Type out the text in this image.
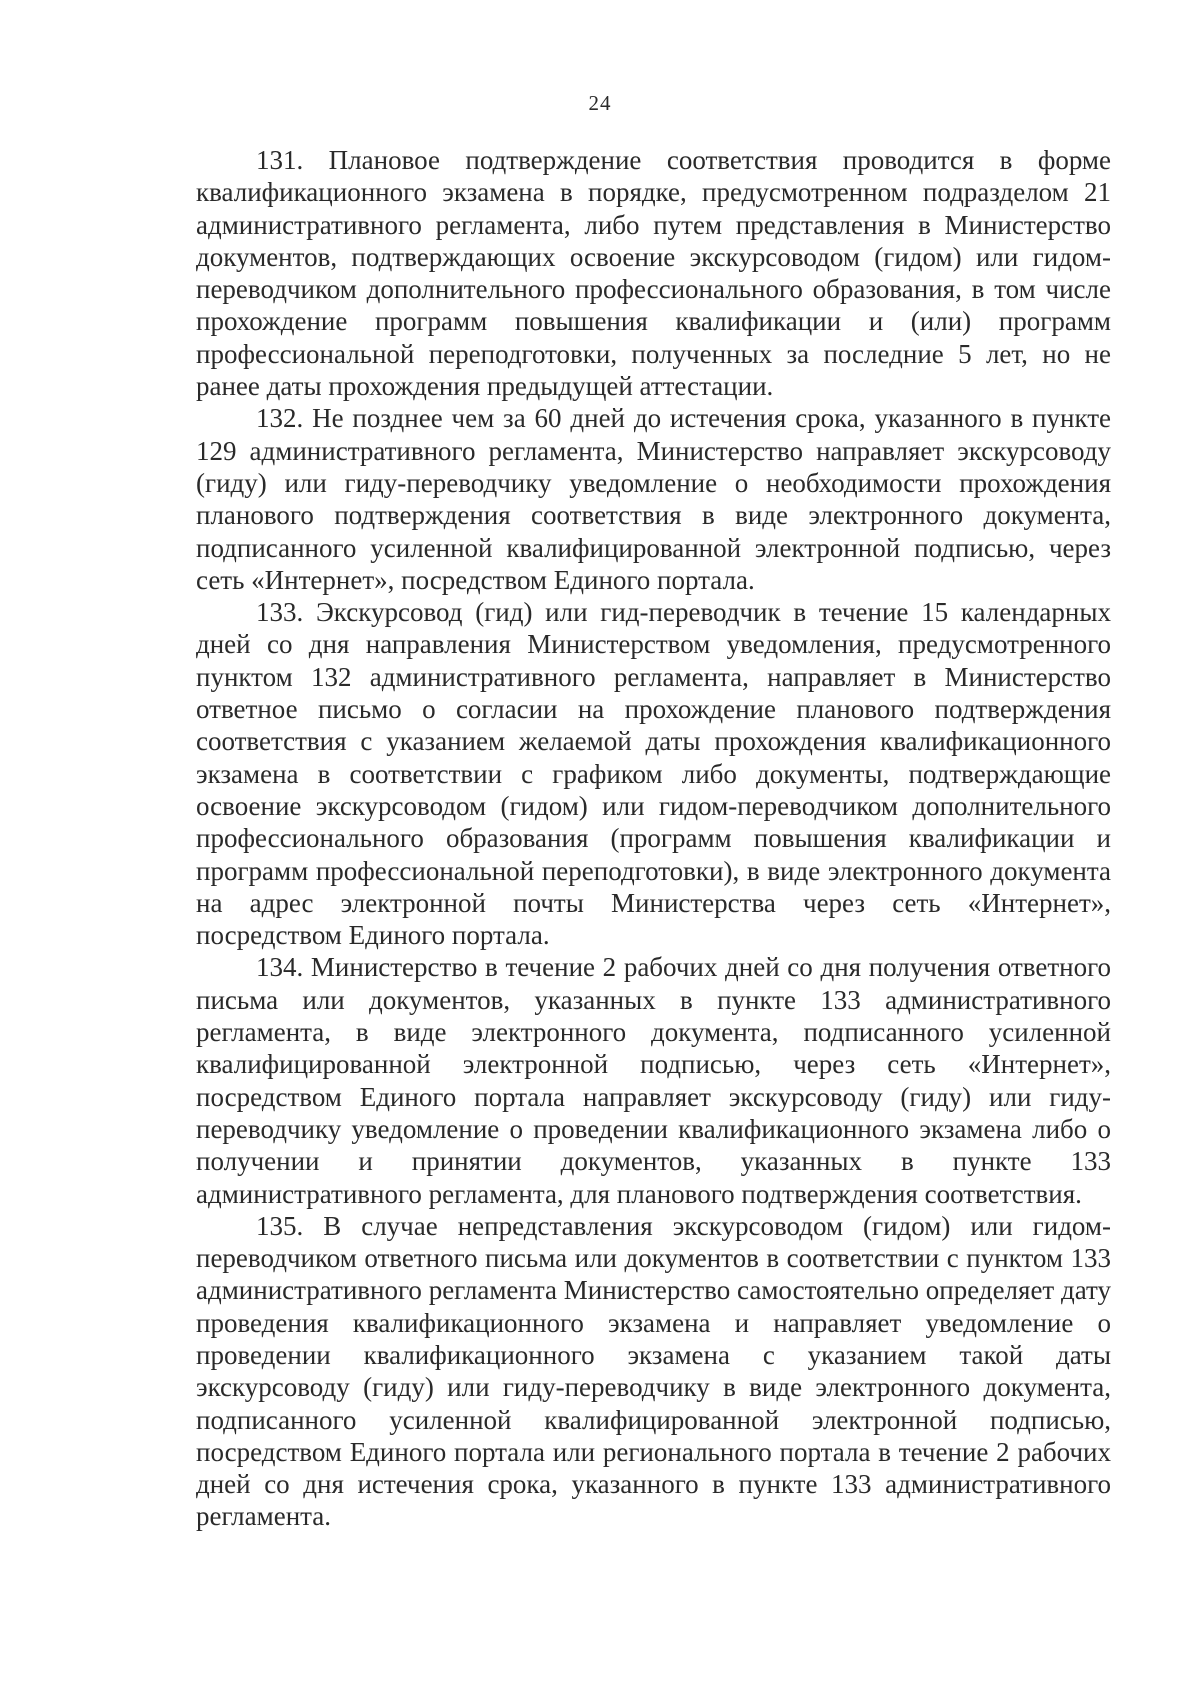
24

131. Плановое подтверждение соответствия проводится в форме квалификационного экзамена в порядке, предусмотренном подразделом 21 административного регламента, либо путем представления в Министерство документов, подтверждающих освоение экскурсоводом (гидом) или гидом-переводчиком дополнительного профессионального образования, в том числе прохождение программ повышения квалификации и (или) программ профессиональной переподготовки, полученных за последние 5 лет, но не ранее даты прохождения предыдущей аттестации.

132. Не позднее чем за 60 дней до истечения срока, указанного в пункте 129 административного регламента, Министерство направляет экскурсоводу (гиду) или гиду-переводчику уведомление о необходимости прохождения планового подтверждения соответствия в виде электронного документа, подписанного усиленной квалифицированной электронной подписью, через сеть «Интернет», посредством Единого портала.

133. Экскурсовод (гид) или гид-переводчик в течение 15 календарных дней со дня направления Министерством уведомления, предусмотренного пунктом 132 административного регламента, направляет в Министерство ответное письмо о согласии на прохождение планового подтверждения соответствия с указанием желаемой даты прохождения квалификационного экзамена в соответствии с графиком либо документы, подтверждающие освоение экскурсоводом (гидом) или гидом-переводчиком дополнительного профессионального образования (программ повышения квалификации и программ профессиональной переподготовки), в виде электронного документа на адрес электронной почты Министерства через сеть «Интернет», посредством Единого портала.

134. Министерство в течение 2 рабочих дней со дня получения ответного письма или документов, указанных в пункте 133 административного регламента, в виде электронного документа, подписанного усиленной квалифицированной электронной подписью, через сеть «Интернет», посредством Единого портала направляет экскурсоводу (гиду) или гиду-переводчику уведомление о проведении квалификационного экзамена либо о получении и принятии документов, указанных в пункте 133 административного регламента, для планового подтверждения соответствия.

135. В случае непредставления экскурсоводом (гидом) или гидом-переводчиком ответного письма или документов в соответствии с пунктом 133 административного регламента Министерство самостоятельно определяет дату проведения квалификационного экзамена и направляет уведомление о проведении квалификационного экзамена с указанием такой даты экскурсоводу (гиду) или гиду-переводчику в виде электронного документа, подписанного усиленной квалифицированной электронной подписью, посредством Единого портала или регионального портала в течение 2 рабочих дней со дня истечения срока, указанного в пункте 133 административного регламента.
